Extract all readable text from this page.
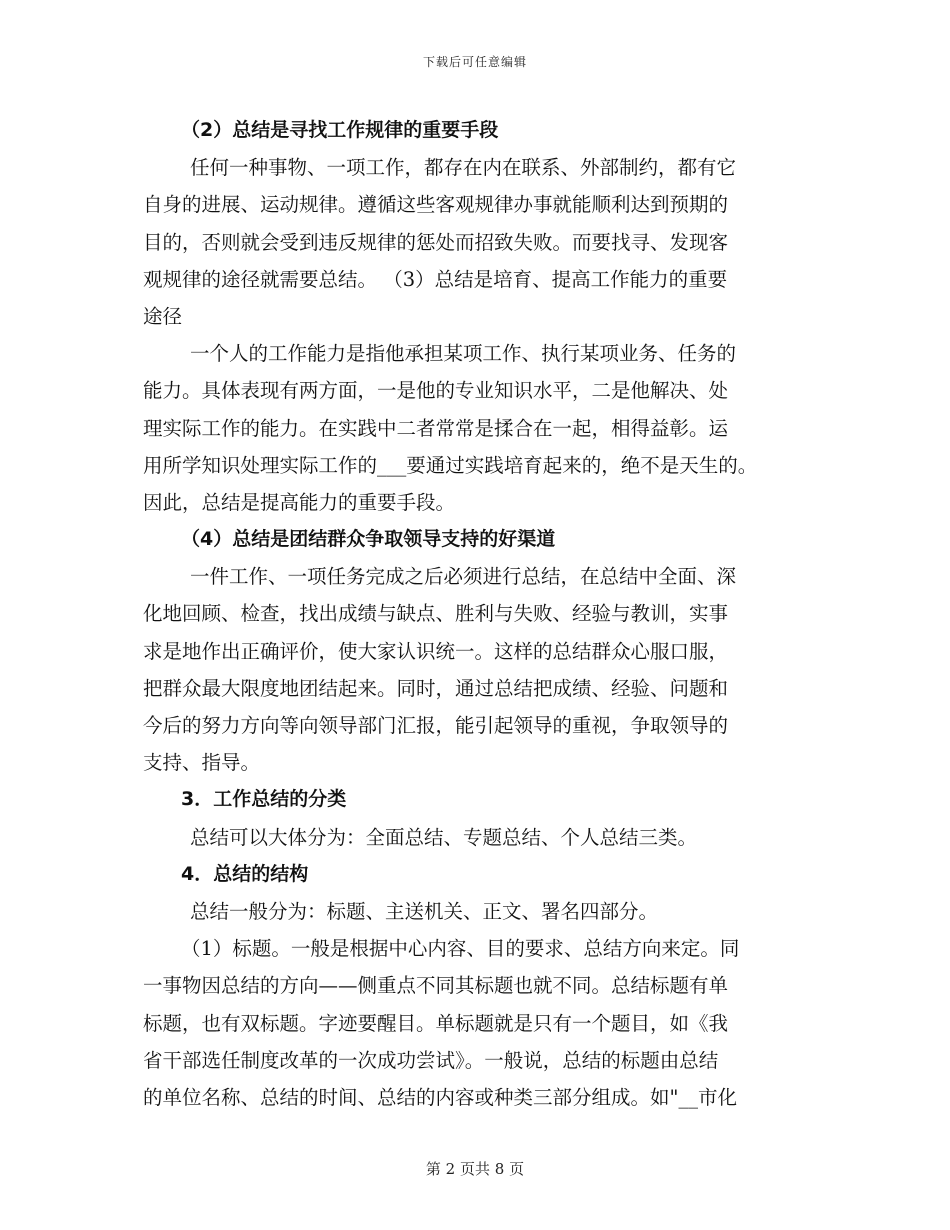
下载后可任意编辑
（2）总结是寻找工作规律的重要手段
任何一种事物、一项工作，都存在内在联系、外部制约，都有它
自身的进展、运动规律。遵循这些客观规律办事就能顺利达到预期的
目的，否则就会受到违反规律的惩处而招致失败。而要找寻、发现客
观规律的途径就需要总结。 （3）总结是培育、提高工作能力的重要
途径
一个人的工作能力是指他承担某项工作、执行某项业务、任务的
能力。具体表现有两方面，一是他的专业知识水平，二是他解决、处
理实际工作的能力。在实践中二者常常是揉合在一起，相得益彰。运
用所学知识处理实际工作的___要通过实践培育起来的，绝不是天生的。
因此，总结是提高能力的重要手段。
（4）总结是团结群众争取领导支持的好渠道
一件工作、一项任务完成之后必须进行总结，在总结中全面、深
化地回顾、检查，找出成绩与缺点、胜利与失败、经验与教训，实事
求是地作出正确评价，使大家认识统一。这样的总结群众心服口服，
把群众最大限度地团结起来。同时，通过总结把成绩、经验、问题和
今后的努力方向等向领导部门汇报，能引起领导的重视，争取领导的
支持、指导。
3．工作总结的分类
总结可以大体分为：全面总结、专题总结、个人总结三类。
4．总结的结构
总结一般分为：标题、主送机关、正文、署名四部分。
（1）标题。一般是根据中心内容、目的要求、总结方向来定。同
一事物因总结的方向——侧重点不同其标题也就不同。总结标题有单
标题，也有双标题。字迹要醒目。单标题就是只有一个题目，如《我
省干部选任制度改革的一次成功尝试》。一般说，总结的标题由总结
的单位名称、总结的时间、总结的内容或种类三部分组成。如"__市化
第 2 页共 8 页
